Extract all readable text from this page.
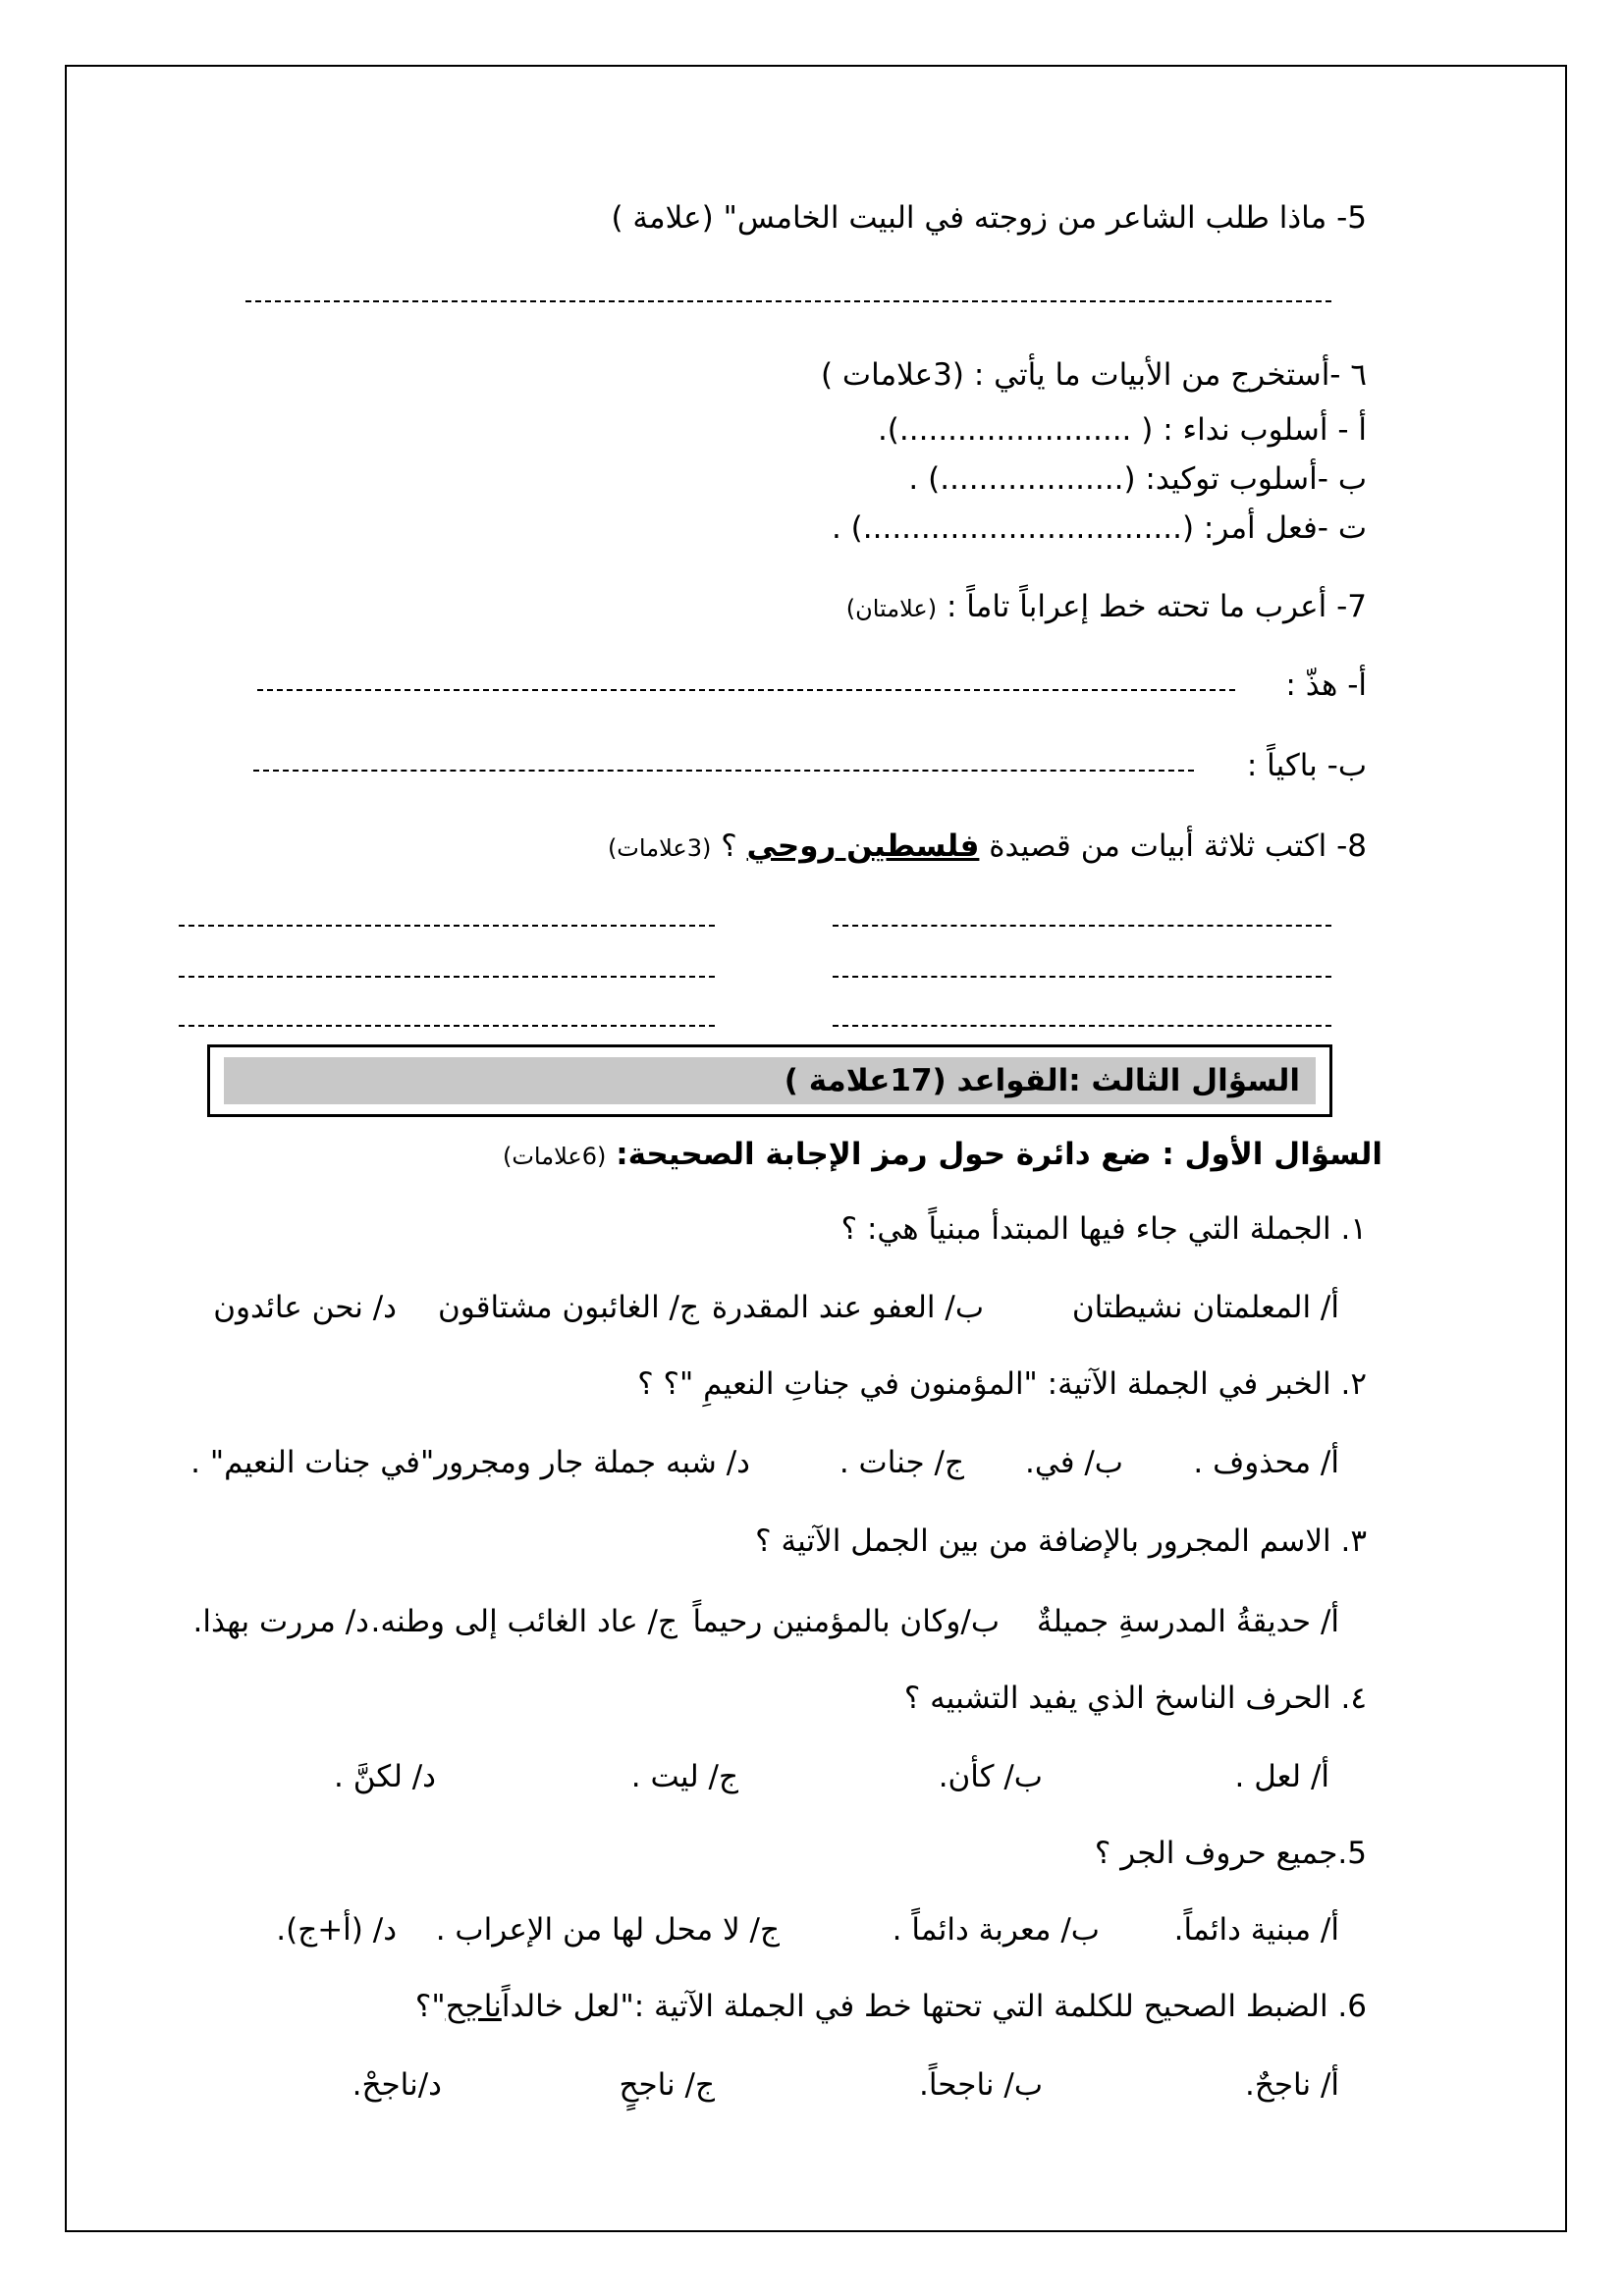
5- ماذا طلب الشاعر من زوجته في البيت الخامس" (علامة )
٦ -أستخرج من الأبيات ما يأتي : (3علامات )
أ - أسلوب نداء : ( ........................).
ب -أسلوب توكيد: (...................) .
ت -فعل أمر: (.................................) .
7- أعرب ما تحته خط إعراباً تاماً : (علامتان)
أ- هذّ :
ب- باكياً :
8- اكتب ثلاثة أبيات من قصيدة فلسطين روحي ؟ (3علامات)
السؤال الثالث :القواعد (17علامة )
السؤال الأول : ضع دائرة حول رمز الإجابة الصحيحة: (6علامات)
١. الجملة التي جاء فيها المبتدأ مبنياً هي: ؟
أ/ المعلمتان نشيطتان
ب/ العفو عند المقدرة
ج/ الغائبون مشتاقون
د/ نحن عائدون
٢. الخبر في الجملة الآتية: "المؤمنون في جناتِ النعيمِ "؟ ؟
أ/ محذوف .
ب/ في.
ج/ جنات .
د/ شبه جملة جار ومجرور"في جنات النعيم" .
٣. الاسم المجرور بالإضافة من بين الجمل الآتية ؟
أ/ حديقةُ المدرسةِ جميلةٌ
ب/وكان بالمؤمنين رحيماً
ج/ عاد الغائب إلى وطنه.
د/ مررت بهذا.
٤. الحرف الناسخ الذي يفيد التشبيه ؟
أ/ لعل .
ب/ كأن.
ج/ ليت .
د/ لكنَّ .
5.جميع حروف الجر ؟
أ/ مبنية دائماً.
ب/ معربة دائماً .
ج/ لا محل لها من الإعراب .
د/ (أ+ج).
6. الضبط الصحيح للكلمة التي تحتها خط في الجملة الآتية :"لعل خالداًناجح"؟
أ/ ناجحٌ.
ب/ ناجحاً.
ج/ ناجحٍ
د/ناجحْ.
